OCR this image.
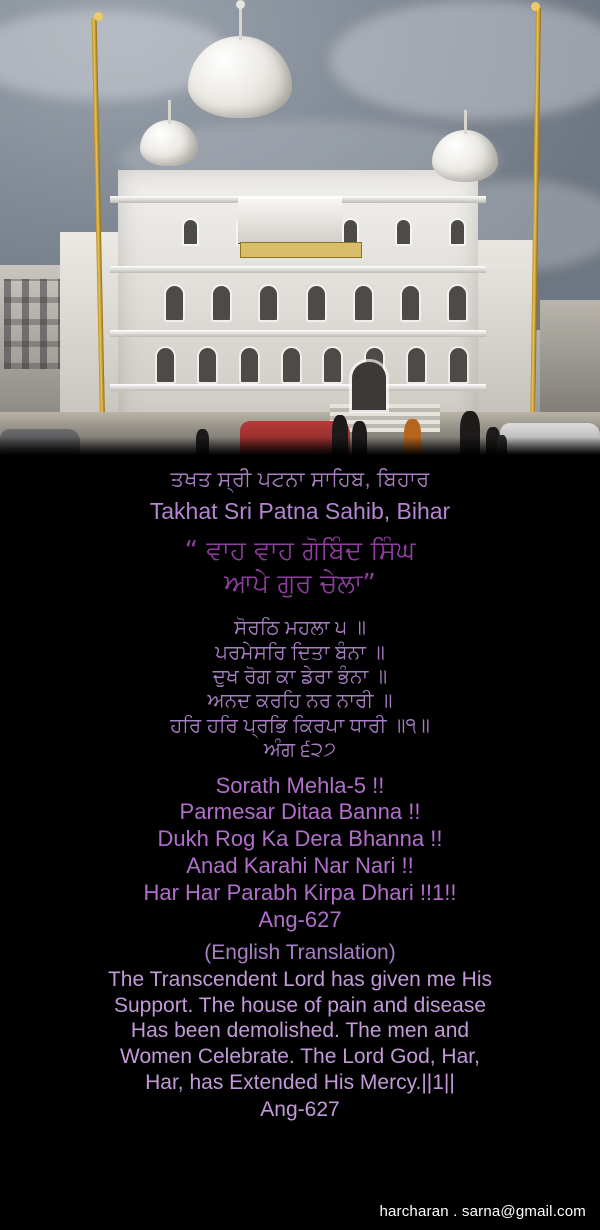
ਤਖਤ ਸ੍ਰੀ ਪਟਨਾ ਸਾਹਿਬ, ਬਿਹਾਰ
Takhat Sri Patna Sahib, Bihar
“ ਵਾਹ ਵਾਹ ਗੋਬਿੰਦ ਸਿੰਘ
ਆਪੇ ਗੁਰ ਚੇਲਾ”
ਸੋਰਠਿ ਮਹਲਾ ੫ ॥
ਪਰਮੇਸਰਿ ਦਿਤਾ ਬੰਨਾ ॥
ਦੁਖ ਰੋਗ ਕਾ ਡੇਰਾ ਭੰਨਾ ॥
ਅਨਦ ਕਰਹਿ ਨਰ ਨਾਰੀ ॥
ਹਰਿ ਹਰਿ ਪ੍ਰਭਿ ਕਿਰਪਾ ਧਾਰੀ ॥੧॥
ਅੰਗ ੬੨੭
Sorath Mehla-5 !!
Parmesar Ditaa Banna !!
Dukh Rog Ka Dera Bhanna !!
Anad Karahi Nar Nari !!
Har Har Parabh Kirpa Dhari !!1!!
Ang-627
(English Translation)
The Transcendent Lord has given me His
Support. The house of pain and disease
Has been demolished. The men and
Women Celebrate. The Lord God, Har,
Har, has Extended His Mercy.||1||
Ang-627
harcharan . sarna@gmail.com
